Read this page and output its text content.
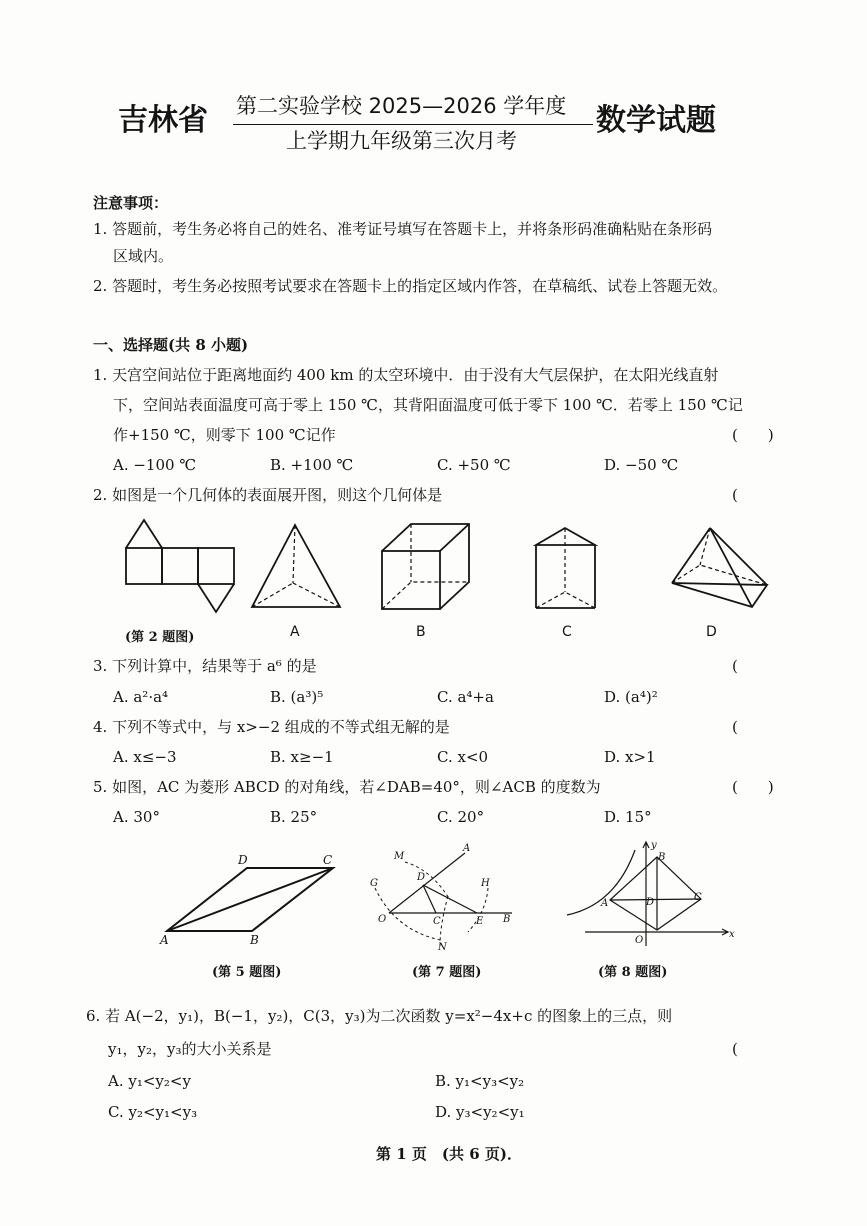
吉林省 第二实验学校 2025—2026 学年度
上学期九年级第三次月考
数学试题
注意事项：
1. 答题前，考生务必将自己的姓名、准考证号填写在答题卡上，并将条形码准确粘贴在条形码
区域内。
2. 答题时，考生务必按照考试要求在答题卡上的指定区域内作答，在草稿纸、试卷上答题无效。
一、选择题(共 8 小题)
1. 天宫空间站位于距离地面约 400 km 的太空环境中．由于没有大气层保护，在太阳光线直射
下，空间站表面温度可高于零上 150 ℃，其背阳面温度可低于零下 100 ℃．若零上 150 ℃记
作+150 ℃，则零下 100 ℃记作	(　　)
A. −100 ℃	B. +100 ℃	C. +50 ℃	D. −50 ℃
2. 如图是一个几何体的表面展开图，则这个几何体是	(
(第 2 题图)	A	B	C	D
3. 下列计算中，结果等于 a⁶ 的是	(
A. a²·a⁴	B. (a³)⁵	C. a⁴+a	D. (a⁴)²
4. 下列不等式中，与 x>−2 组成的不等式组无解的是	(
A. x≤−3	B. x≥−1	C. x<0	D. x>1
5. 如图，AC 为菱形 ABCD 的对角线，若∠DAB=40°，则∠ACB 的度数为	(　　)
A. 30°	B. 25°	C. 20°	D. 15°
A	B
C
D	M
A
G
D
H
O	C	E B
N
y
B
A	D	C
O
x
(第 5 题图)	(第 7 题图)	(第 8 题图)
6. 若 A(−2，y₁)，B(−1，y₂)，C(3，y₃)为二次函数 y=x²−4x+c 的图象上的三点，则
y₁，y₂，y₃的大小关系是	(
A. y₁<y₂<y	B. y₁<y₃<y₂
C. y₂<y₁<y₃	D. y₃<y₂<y₁
第 1 页　(共 6 页)．
